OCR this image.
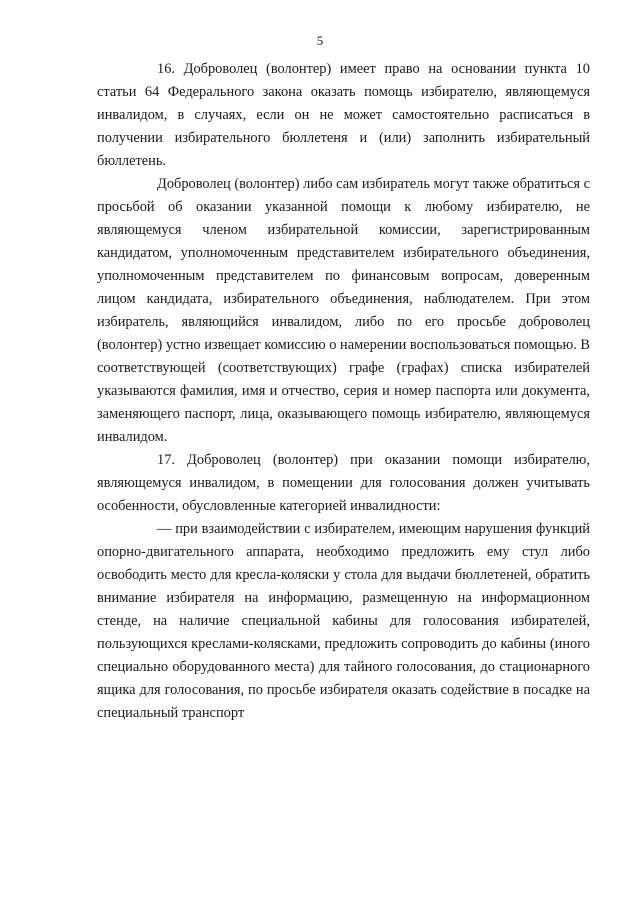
5

16. Доброволец (волонтер) имеет право на основании пункта 10 статьи 64 Федерального закона оказать помощь избирателю, являющемуся инвалидом, в случаях, если он не может самостоятельно расписаться в получении избирательного бюллетеня и (или) заполнить избирательный бюллетень.

Доброволец (волонтер) либо сам избиратель могут также обратиться с просьбой об оказании указанной помощи к любому избирателю, не являющемуся членом избирательной комиссии, зарегистрированным кандидатом, уполномоченным представителем избирательного объединения, уполномоченным представителем по финансовым вопросам, доверенным лицом кандидата, избирательного объединения, наблюдателем. При этом избиратель, являющийся инвалидом, либо по его просьбе доброволец (волонтер) устно извещает комиссию о намерении воспользоваться помощью. В соответствующей (соответствующих) графе (графах) списка избирателей указываются фамилия, имя и отчество, серия и номер паспорта или документа, заменяющего паспорт, лица, оказывающего помощь избирателю, являющемуся инвалидом.

17. Доброволец (волонтер) при оказании помощи избирателю, являющемуся инвалидом, в помещении для голосования должен учитывать особенности, обусловленные категорией инвалидности:

— при взаимодействии с избирателем, имеющим нарушения функций опорно-двигательного аппарата, необходимо предложить ему стул либо освободить место для кресла-коляски у стола для выдачи бюллетеней, обратить внимание избирателя на информацию, размещенную на информационном стенде, на наличие специальной кабины для голосования избирателей, пользующихся креслами-колясками, предложить сопроводить до кабины (иного специально оборудованного места) для тайного голосования, до стационарного ящика для голосования, по просьбе избирателя оказать содействие в посадке на специальный транспорт
